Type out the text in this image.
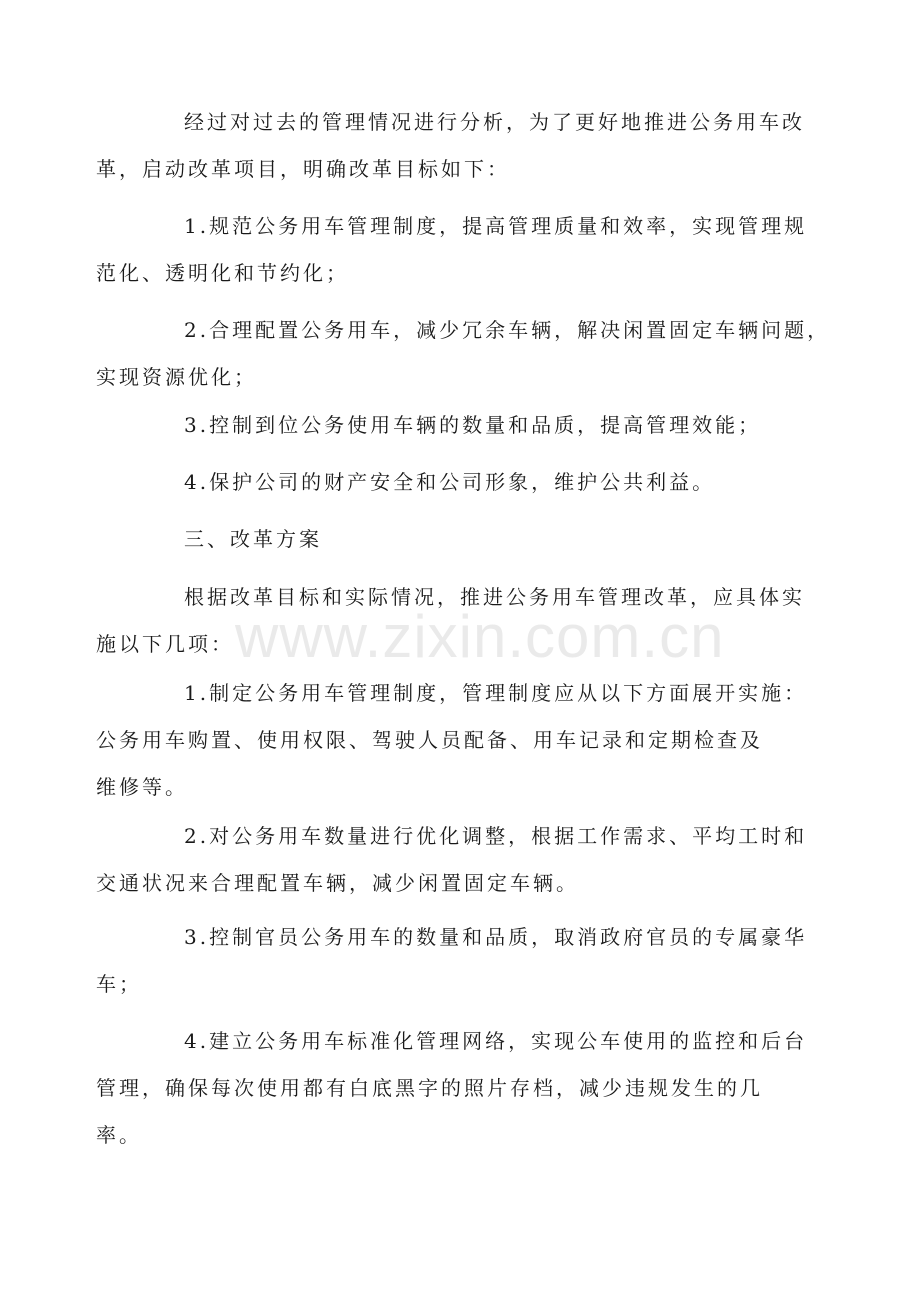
经过对过去的管理情况进行分析，为了更好地推进公务用车改
革，启动改革项目，明确改革目标如下：

1.规范公务用车管理制度，提高管理质量和效率，实现管理规
范化、透明化和节约化；

2.合理配置公务用车，减少冗余车辆，解决闲置固定车辆问题，
实现资源优化；

3.控制到位公务使用车辆的数量和品质，提高管理效能；

4.保护公司的财产安全和公司形象，维护公共利益。

三、改革方案

根据改革目标和实际情况，推进公务用车管理改革，应具体实
施以下几项：

1.制定公务用车管理制度，管理制度应从以下方面展开实施：
公务用车购置、使用权限、驾驶人员配备、用车记录和定期检查及
维修等。

2.对公务用车数量进行优化调整，根据工作需求、平均工时和
交通状况来合理配置车辆，减少闲置固定车辆。

3.控制官员公务用车的数量和品质，取消政府官员的专属豪华
车；

4.建立公务用车标准化管理网络，实现公车使用的监控和后台
管理，确保每次使用都有白底黑字的照片存档，减少违规发生的几
率。

www.zixin.com.cn
